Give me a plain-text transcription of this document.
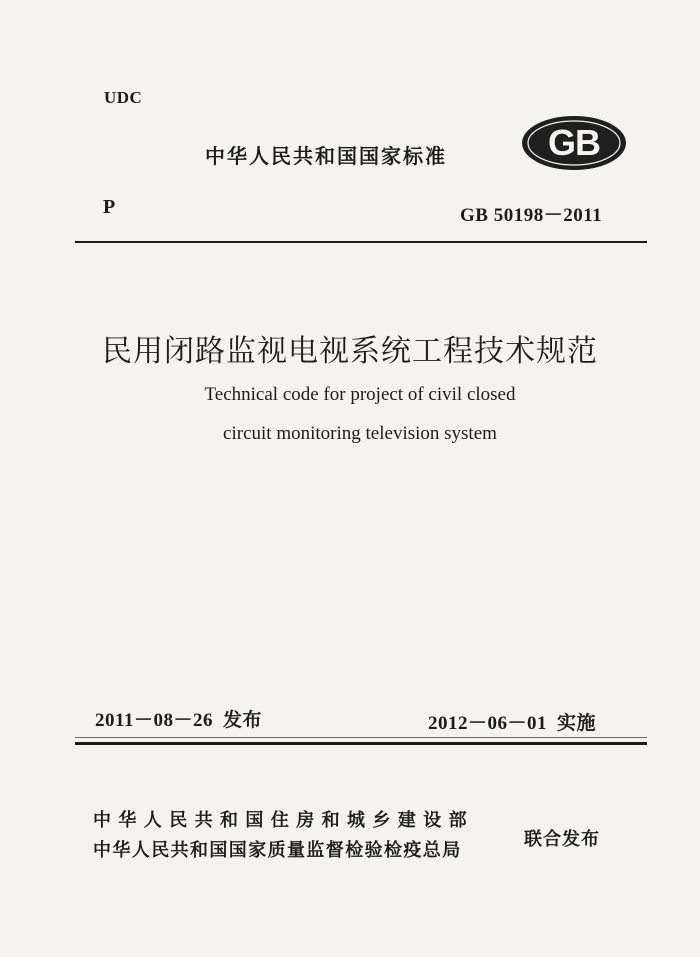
UDC
中华人民共和国国家标准	GB
P	GB 50198－2011
民用闭路监视电视系统工程技术规范
Technical code for project of civil closed
circuit monitoring television system
2011－08－26 发布	2012－06－01 实施
中华人民共和国住房和城乡建设部
中华人民共和国国家质量监督检验检疫总局
联合发布
